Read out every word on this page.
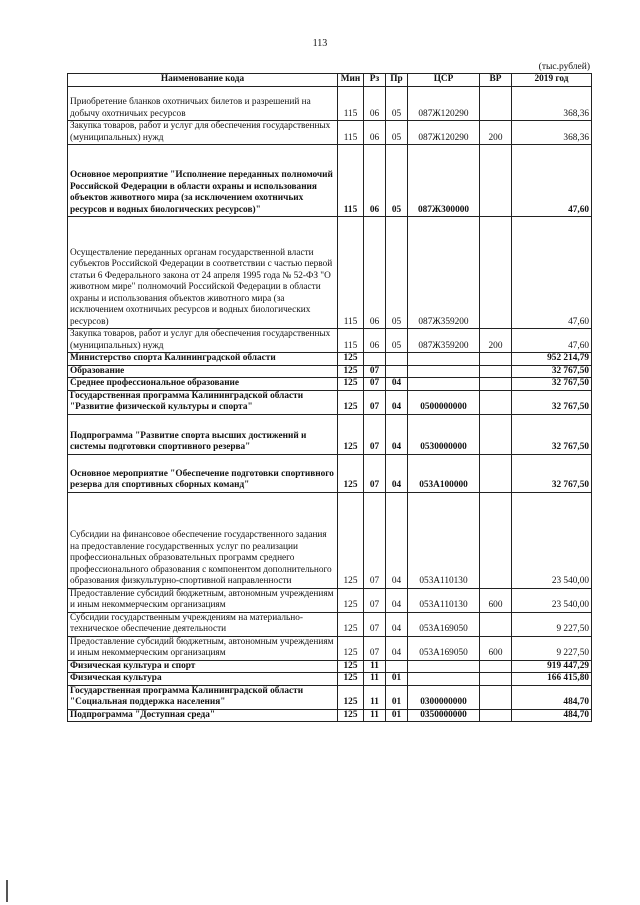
113
(тыс.рублей)
Наименование кода	Мин	Рз	Пр	ЦСР	ВР	2019 год
Приобретение бланков охотничьих билетов и разрешений на добычу охотничьих ресурсов	115	06	05	087Ж120290		368,36
Закупка товаров, работ и услуг для обеспечения государственных (муниципальных) нужд	115	06	05	087Ж120290	200	368,36
Основное мероприятие "Исполнение переданных полномочий Российской Федерации в области охраны и использования объектов животного мира (за исключением охотничьих ресурсов и водных биологических ресурсов)"	115	06	05	087Ж300000		47,60
Осуществление переданных органам государственной власти субъектов Российской Федерации в соответствии с частью первой статьи 6 Федерального закона от 24 апреля 1995 года № 52-ФЗ "О животном мире" полномочий Российской Федерации в области охраны и использования объектов животного мира (за исключением охотничьих ресурсов и водных биологических ресурсов)	115	06	05	087Ж359200		47,60
Закупка товаров, работ и услуг для обеспечения государственных (муниципальных) нужд	115	06	05	087Ж359200	200	47,60
Министерство спорта Калининградской области	125					952 214,79
Образование	125	07				32 767,50
Среднее профессиональное образование	125	07	04			32 767,50
Государственная программа Калининградской области "Развитие физической культуры и спорта"	125	07	04	0500000000		32 767,50
Подпрограмма "Развитие спорта высших достижений и системы подготовки спортивного резерва"	125	07	04	0530000000		32 767,50
Основное мероприятие "Обеспечение подготовки спортивного резерва для спортивных сборных команд"	125	07	04	053А100000		32 767,50
Субсидии на финансовое обеспечение государственного задания на предоставление государственных услуг по реализации профессиональных образовательных программ среднего профессионального образования с компонентом дополнительного образования физкультурно-спортивной направленности	125	07	04	053А110130		23 540,00
Предоставление субсидий бюджетным, автономным учреждениям и иным некоммерческим организациям	125	07	04	053А110130	600	23 540,00
Субсидии государственным учреждениям на материально-техническое обеспечение деятельности	125	07	04	053А169050		9 227,50
Предоставление субсидий бюджетным, автономным учреждениям и иным некоммерческим организациям	125	07	04	053А169050	600	9 227,50
Физическая культура и спорт	125	11				919 447,29
Физическая культура	125	11	01			166 415,80
Государственная программа Калининградской области "Социальная поддержка населения"	125	11	01	0300000000		484,70
Подпрограмма "Доступная среда"	125	11	01	0350000000		484,70
